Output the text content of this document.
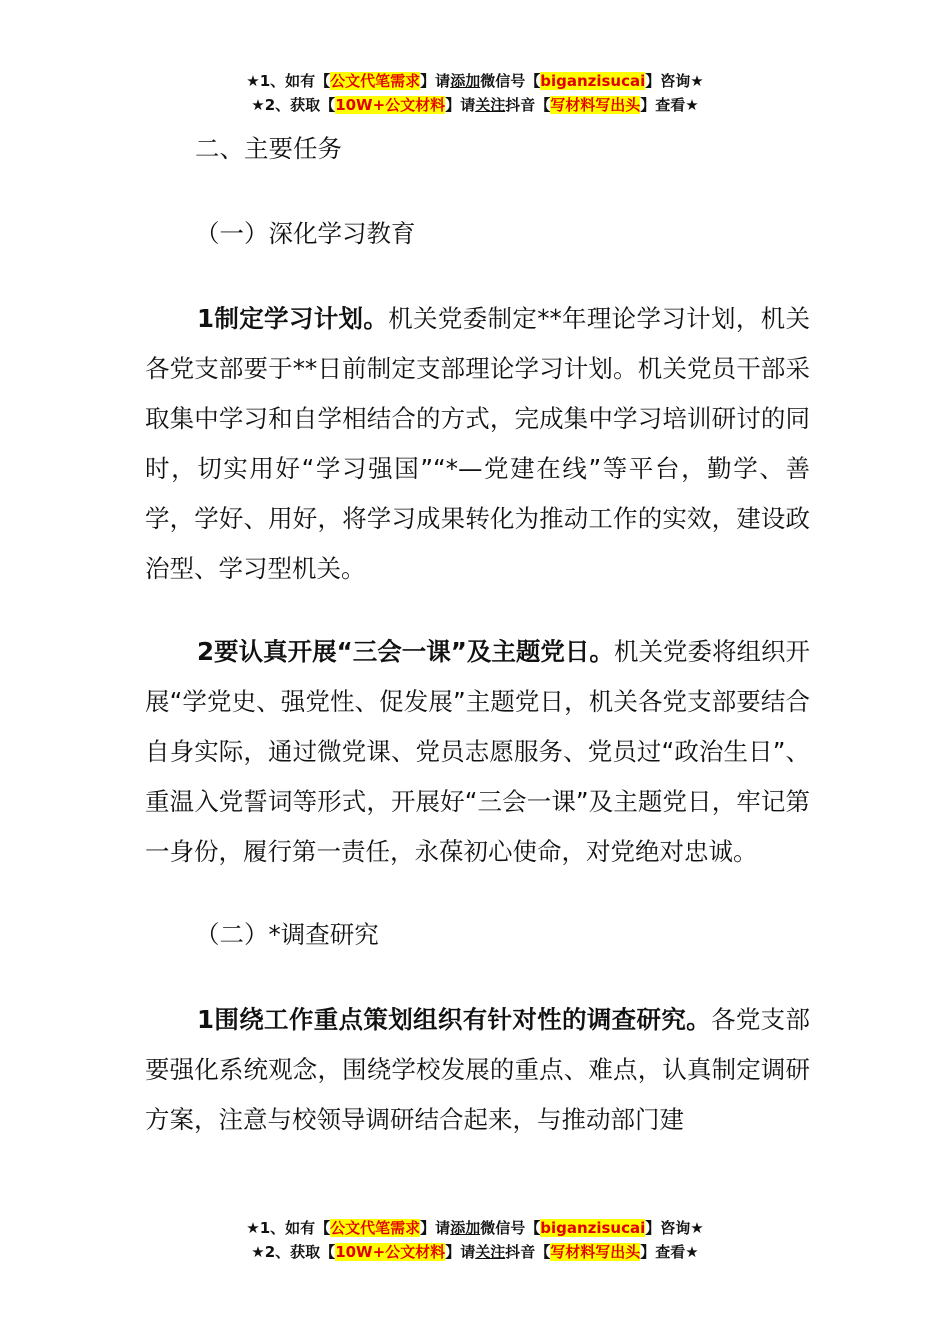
★1、如有【公文代笔需求】请添加微信号【biganzisucai】咨询★
★2、获取【10W+公文材料】请关注抖音【写材料写出头】查看★

二、主要任务

（一）深化学习教育

1制定学习计划。机关党委制定**年理论学习计划，机关各党支部要于**日前制定支部理论学习计划。机关党员干部采取集中学习和自学相结合的方式，完成集中学习培训研讨的同时，切实用好“学习强国”“*—党建在线”等平台，勤学、善学，学好、用好，将学习成果转化为推动工作的实效，建设政治型、学习型机关。

2要认真开展“三会一课”及主题党日。机关党委将组织开展“学党史、强党性、促发展”主题党日，机关各党支部要结合自身实际，通过微党课、党员志愿服务、党员过“政治生日”、重温入党誓词等形式，开展好“三会一课”及主题党日，牢记第一身份，履行第一责任，永葆初心使命，对党绝对忠诚。

（二）*调查研究

1围绕工作重点策划组织有针对性的调查研究。各党支部要强化系统观念，围绕学校发展的重点、难点，认真制定调研方案，注意与校领导调研结合起来，与推动部门建

★1、如有【公文代笔需求】请添加微信号【biganzisucai】咨询★
★2、获取【10W+公文材料】请关注抖音【写材料写出头】查看★
